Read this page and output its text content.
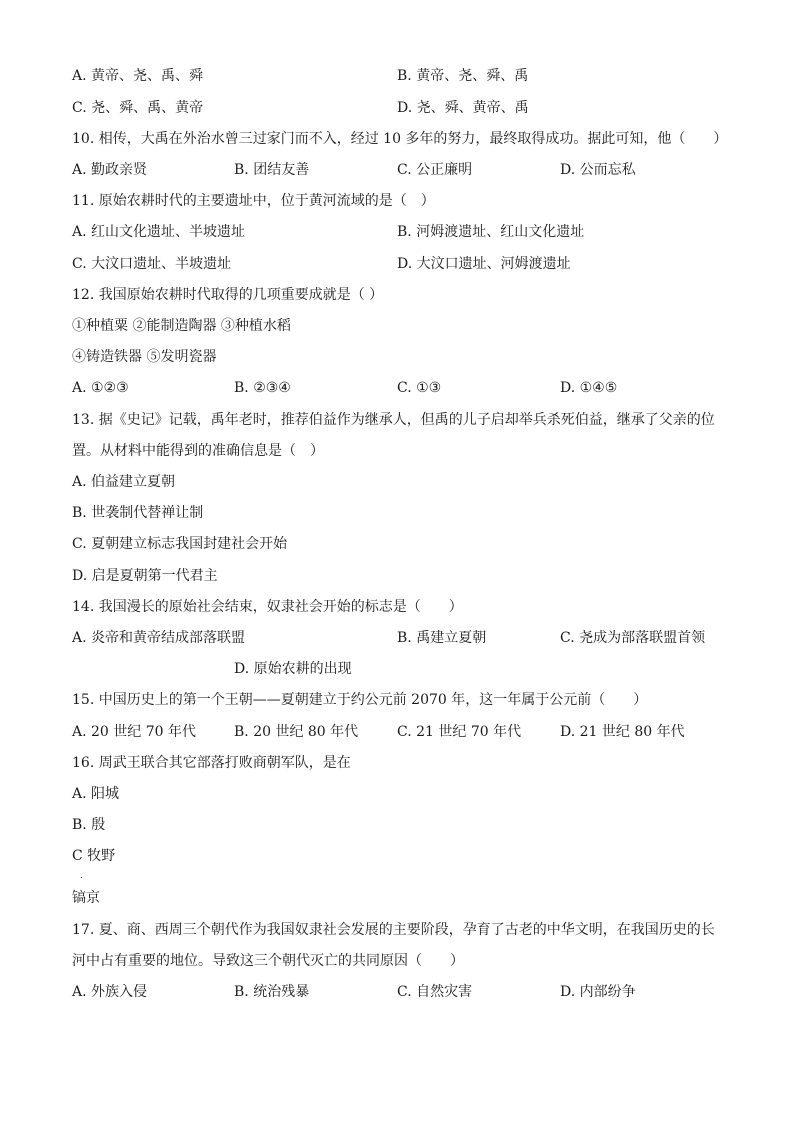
A. 黄帝、尧、禹、舜	B. 黄帝、尧、舜、禹
C. 尧、舜、禹、黄帝	D. 尧、舜、黄帝、禹
10. 相传，大禹在外治水曾三过家门而不入，经过 10 多年的努力，最终取得成功。据此可知，他（　　）
A. 勤政亲贤	B. 团结友善	C. 公正廉明	D. 公而忘私
11. 原始农耕时代的主要遗址中，位于黄河流域的是（　）
A. 红山文化遗址、半坡遗址	B. 河姆渡遗址、红山文化遗址
C. 大汶口遗址、半坡遗址	D. 大汶口遗址、河姆渡遗址
12. 我国原始农耕时代取得的几项重要成就是（ ）
①种植粟 ②能制造陶器 ③种植水稻
④铸造铁器 ⑤发明瓷器
A. ①②③	B. ②③④	C. ①③	D. ①④⑤
13. 据《史记》记载，禹年老时，推荐伯益作为继承人，但禹的儿子启却举兵杀死伯益，继承了父亲的位
置。从材料中能得到的准确信息是（　）
A. 伯益建立夏朝
B. 世袭制代替禅让制
C. 夏朝建立标志我国封建社会开始
D. 启是夏朝第一代君主
14. 我国漫长的原始社会结束，奴隶社会开始的标志是（　　）
A. 炎帝和黄帝结成部落联盟	B. 禹建立夏朝	C. 尧成为部落联盟首领
D. 原始农耕的出现
15. 中国历史上的第一个王朝——夏朝建立于约公元前 2070 年，这一年属于公元前（　　）
A. 20 世纪 70 年代	B. 20 世纪 80 年代	C. 21 世纪 70 年代	D. 21 世纪 80 年代
16. 周武王联合其它部落打败商朝军队，是在
A. 阳城
B. 殷
C 牧野
.
镐京
17. 夏、商、西周三个朝代作为我国奴隶社会发展的主要阶段，孕育了古老的中华文明，在我国历史的长
河中占有重要的地位。导致这三个朝代灭亡的共同原因（　　）
A. 外族入侵	B. 统治残暴	C. 自然灾害	D. 内部纷争
